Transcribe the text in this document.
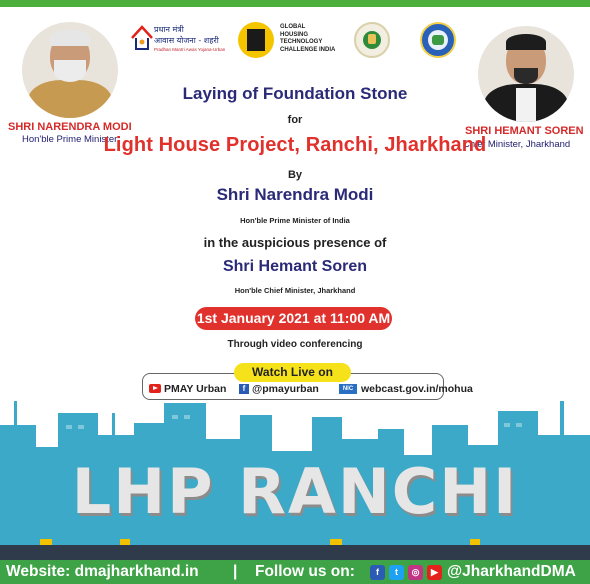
प्रधान मंत्री
आवास योजना - शहरी
Pradhan Mantri Awas Yojana-Urban
GLOBAL
HOUSING
TECHNOLOGY
CHALLENGE INDIA
SHRI NARENDRA MODI
Hon'ble Prime Minister
SHRI HEMANT SOREN
Chief Minister, Jharkhand
Laying of Foundation Stone
for
Light House Project, Ranchi, Jharkhand
By
Shri Narendra Modi
Hon'ble Prime Minister of India
in the auspicious presence of
Shri Hemant Soren
Hon'ble Chief Minister, Jharkhand
1st January 2021 at 11:00 AM
Through video conferencing
Watch Live on
PMAY Urban	f @pmayurban	NIC webcast.gov.in/mohua
LHP RANCHI
Website: dmajharkhand.in | Follow us on:	f	t	◎	▶ @JharkhandDMA
